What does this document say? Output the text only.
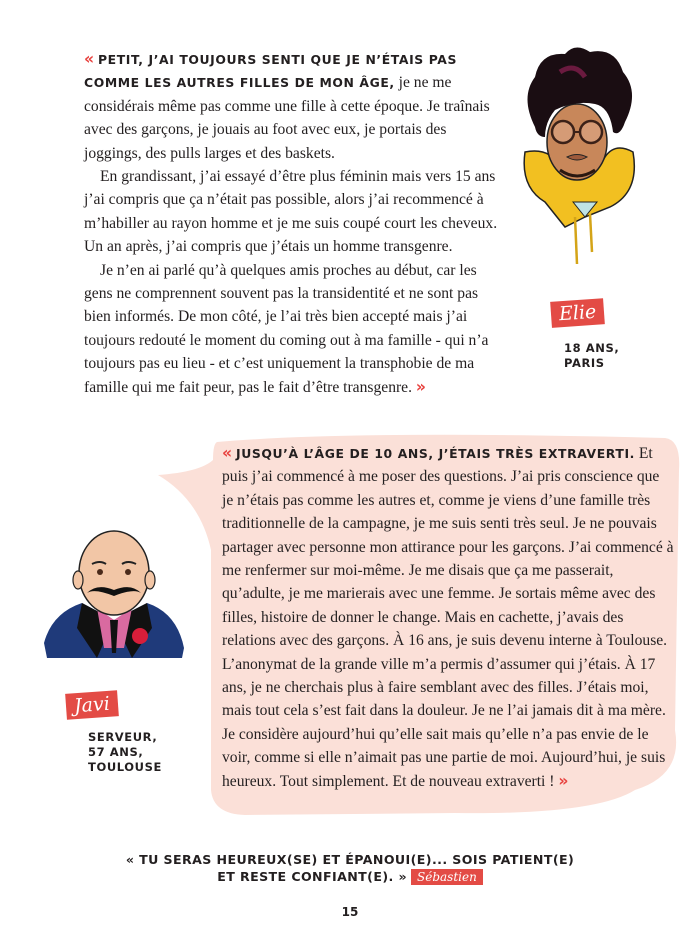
« PETIT, J’AI TOUJOURS SENTI QUE JE N’ÉTAIS PAS COMME LES AUTRES FILLES DE MON ÂGE, je ne me considérais même pas comme une fille à cette époque. Je traînais avec des garçons, je jouais au foot avec eux, je portais des joggings, des pulls larges et des baskets.

En grandissant, j’ai essayé d’être plus féminin mais vers 15 ans j’ai compris que ça n’était pas possible, alors j’ai recommencé à m’habiller au rayon homme et je me suis coupé court les cheveux. Un an après, j’ai compris que j’étais un homme transgenre.

Je n’en ai parlé qu’à quelques amis proches au début, car les gens ne comprennent souvent pas la transidentité et ne sont pas bien informés. De mon côté, je l’ai très bien accepté mais j’ai toujours redouté le moment du coming out à ma famille - qui n’a toujours pas eu lieu - et c’est uniquement la transphobie de ma famille qui me fait peur, pas le fait d’être transgenre. »

Elie
18 ANS,
PARIS

« JUSQU’À L’ÂGE DE 10 ANS, J’ÉTAIS TRÈS EXTRAVERTI. Et puis j’ai commencé à me poser des questions. J’ai pris conscience que je n’étais pas comme les autres et, comme je viens d’une famille très traditionnelle de la campagne, je me suis senti très seul. Je ne pouvais partager avec personne mon attirance pour les garçons. J’ai commencé à me renfermer sur moi-même. Je me disais que ça me passerait, qu’adulte, je me marierais avec une femme. Je sortais même avec des filles, histoire de donner le change. Mais en cachette, j’avais des relations avec des garçons. À 16 ans, je suis devenu interne à Toulouse. L’anonymat de la grande ville m’a permis d’assumer qui j’étais. À 17 ans, je ne cherchais plus à faire semblant avec des filles. J’étais moi, mais tout cela s’est fait dans la douleur. Je ne l’ai jamais dit à ma mère. Je considère aujourd’hui qu’elle sait mais qu’elle n’a pas envie de le voir, comme si elle n’aimait pas une partie de moi. Aujourd’hui, je suis heureux. Tout simplement. Et de nouveau extraverti ! »

Javi
SERVEUR,
57 ANS,
TOULOUSE
« TU SERAS HEUREUX(SE) ET ÉPANOUI(E)... SOIS PATIENT(E)
ET RESTE CONFIANT(E). » Sébastien
15
